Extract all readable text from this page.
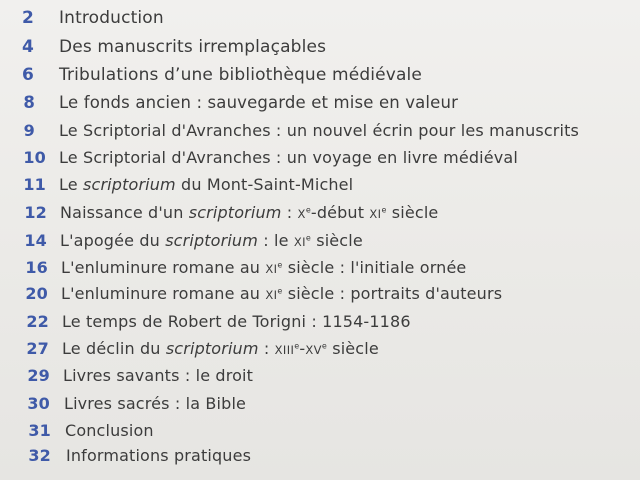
2 Introduction
4 Des manuscrits irremplaçables
6 Tribulations d’une bibliothèque médiévale
8 Le fonds ancien : sauvegarde et mise en valeur
9 Le Scriptorial d'Avranches : un nouvel écrin pour les manuscrits
10 Le Scriptorial d'Avranches : un voyage en livre médiéval
11 Le scriptorium du Mont-Saint-Michel
12 Naissance d'un scriptorium : Xe-début XIe siècle
14 L'apogée du scriptorium : le XIe siècle
16 L'enluminure romane au XIe siècle : l'initiale ornée
20 L'enluminure romane au XIe siècle : portraits d'auteurs
22 Le temps de Robert de Torigni : 1154-1186
27 Le déclin du scriptorium : XIIIe-XVe siècle
29 Livres savants : le droit
30 Livres sacrés : la Bible
31 Conclusion
32 Informations pratiques
